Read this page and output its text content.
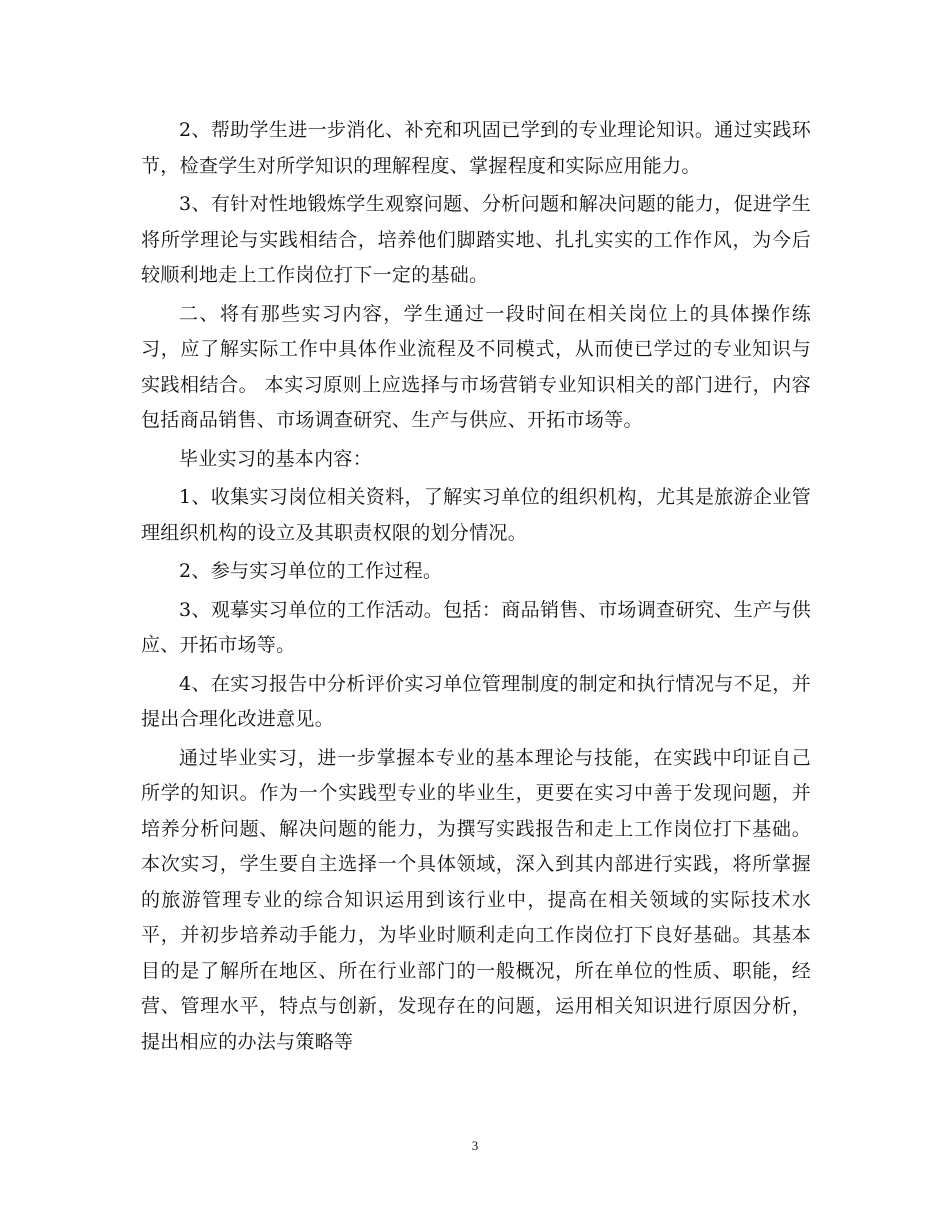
2、帮助学生进一步消化、补充和巩固已学到的专业理论知识。通过实践环节，检查学生对所学知识的理解程度、掌握程度和实际应用能力。

3、有针对性地锻炼学生观察问题、分析问题和解决问题的能力，促进学生将所学理论与实践相结合，培养他们脚踏实地、扎扎实实的工作作风，为今后较顺利地走上工作岗位打下一定的基础。

二、将有那些实习内容，学生通过一段时间在相关岗位上的具体操作练习，应了解实际工作中具体作业流程及不同模式，从而使已学过的专业知识与实践相结合。 本实习原则上应选择与市场营销专业知识相关的部门进行，内容包括商品销售、市场调查研究、生产与供应、开拓市场等。

毕业实习的基本内容：

1、收集实习岗位相关资料，了解实习单位的组织机构，尤其是旅游企业管理组织机构的设立及其职责权限的划分情况。

2、参与实习单位的工作过程。

3、观摹实习单位的工作活动。包括：商品销售、市场调查研究、生产与供应、开拓市场等。

4、在实习报告中分析评价实习单位管理制度的制定和执行情况与不足，并提出合理化改进意见。

通过毕业实习，进一步掌握本专业的基本理论与技能，在实践中印证自己所学的知识。作为一个实践型专业的毕业生，更要在实习中善于发现问题，并培养分析问题、解决问题的能力，为撰写实践报告和走上工作岗位打下基础。本次实习，学生要自主选择一个具体领域，深入到其内部进行实践，将所掌握的旅游管理专业的综合知识运用到该行业中，提高在相关领域的实际技术水平，并初步培养动手能力，为毕业时顺利走向工作岗位打下良好基础。其基本目的是了解所在地区、所在行业部门的一般概况，所在单位的性质、职能，经营、管理水平，特点与创新，发现存在的问题，运用相关知识进行原因分析，提出相应的办法与策略等

3
